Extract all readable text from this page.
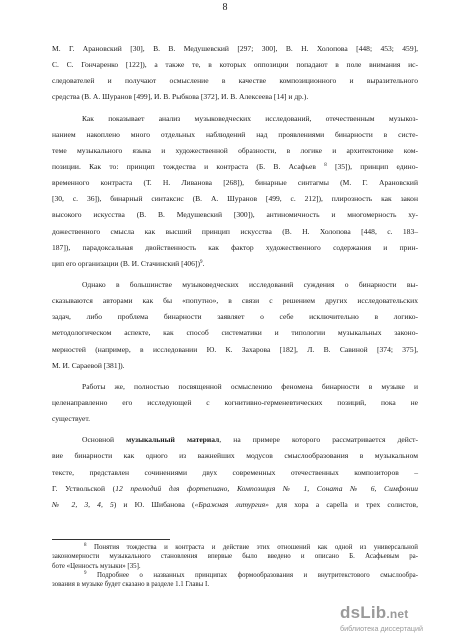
8
М. Г. Арановский [30], В. В. Медушевский [297; 300], В. Н. Холопова [448; 453; 459],
С. С. Гончаренко [122]), а также те, в которых оппозиции попадают в поле внимания ис-
следователей и получают осмысление в качестве композиционного и выразительного
средства (В. А. Шуранов [499], И. В. Рыбкова [372], И. В. Алексеева [14] и др.).
Как показывает анализ музыковедческих исследований, отечественным музыкоз-
нанием накоплено много отдельных наблюдений над проявлениями бинарности в систе-
теме музыкального языка и художественной образности, в логике и архитектонике ком-
позиции. Как то: принцип тождества и контраста (Б. В. Асафьев $^8$ [35]), принцип едино-
временного контраста (Т. Н. Ливанова [268]), бинарные синтагмы (М. Г. Арановский
[30, с. 36]), бинарный синтаксис (В. А. Шуранов [499, с. 212]), плирозность как закон
высокого искусства (В. В. Медушевский [300]), антиномичность и многомерность ху-
дожественного смысла как высший принцип искусства (В. Н. Холопова [448, с. 183–
187]), парадоксальная двойственность как фактор художественного содержания и прин-
цип его организации (В. И. Стачинский [406])$^9$.
Однако в большинстве музыковедческих исследований суждения о бинарности вы-
сказываются авторами как бы «попутно», в связи с решением других исследовательских
задач, либо проблема бинарности заявляет о себе исключительно в логико-
методологическом аспекте, как способ систематики и типологии музыкальных законо-
мерностей (например, в исследовании Ю. К. Захарова [182], Л. В. Савиной [374; 375],
М. И. Сараевой [381]).
Работы же, полностью посвященной осмыслению феномена бинарности в музыке и
целенаправленно его исследующей с когнитивно-герменевтических позиций, пока не
существует.
Основной музыкальный материал, на примере которого рассматривается дейст-
вие бинарности как одного из важнейших модусов смыслообразования в музыкальном
тексте, представлен сочинениями двух современных отечественных композиторов –
Г. Уствольской (12 прелюдий для фортепиано, Композиция № 1, Соната № 6, Симфонии
№ 2, 3, 4, 5) и Ю. Шибанова («Бражная литургия» для хора a capella и трех солистов,
$^8$ Понятия тождества и контраста и действие этих отношений как одной из универсальной
закономерности музыкального становления впервые было введено и описано Б. Асафьевым ра-
боте «Ценность музыки» [35].
$^9$ Подробнее о названных принципах формообразования и внутритекстового смыслообра-
зования в музыке будет сказано в разделе 1.1 Главы I.
dsLib.net
библиотека диссертаций
